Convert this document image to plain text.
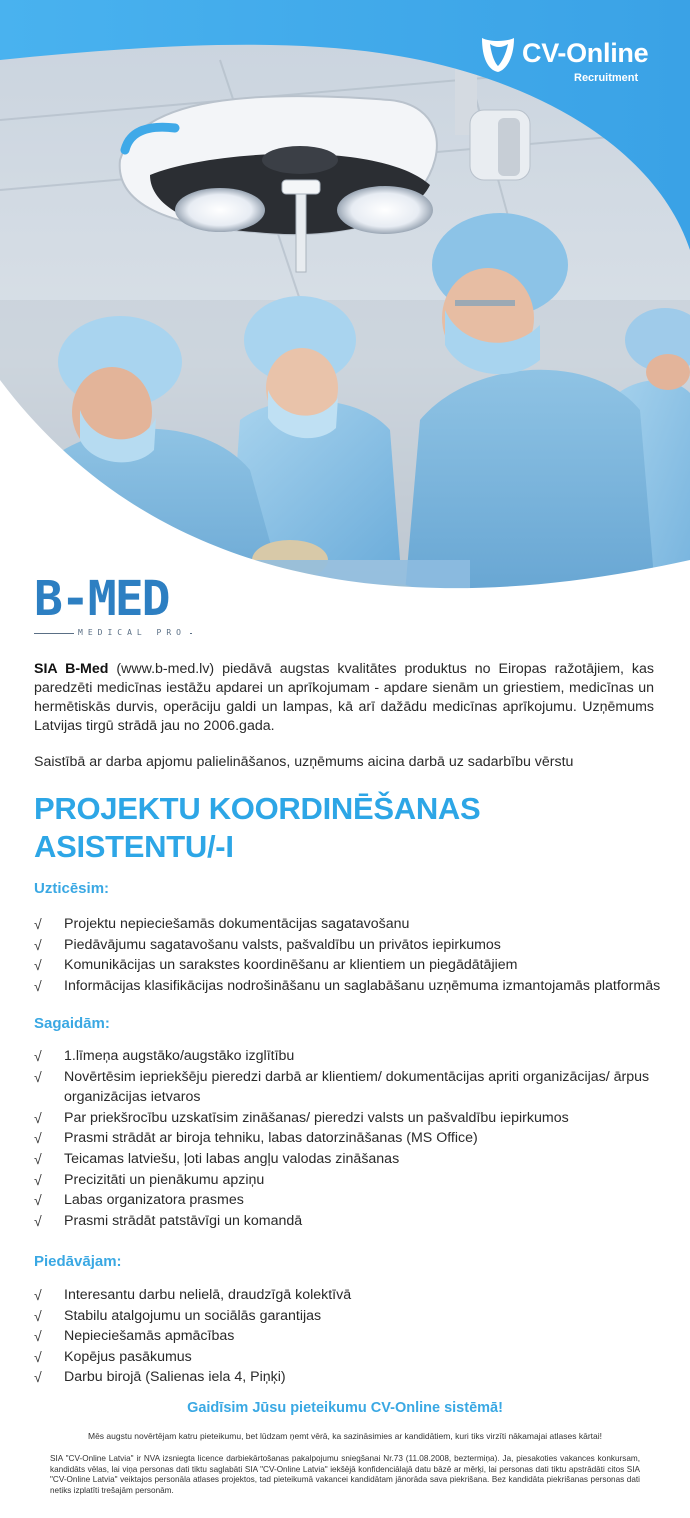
CV-Online
Recruitment
B-MED
MEDICAL PRO

SIA B-Med (www.b-med.lv) piedāvā augstas kvalitātes produktus no Eiropas ražotājiem, kas paredzēti medicīnas iestāžu apdarei un aprīkojumam - apdare sienām un griestiem, medicīnas un hermētiskās durvis, operāciju galdi un lampas, kā arī dažādu medicīnas aprīkojumu. Uzņēmums Latvijas tirgū strādā jau no 2006.gada.

Saistībā ar darba apjomu palielināšanos, uzņēmums aicina darbā uz sadarbību vērstu

PROJEKTU KOORDINĒŠANAS
ASISTENTU/-I
Uzticēsim:
√	Projektu nepieciešamās dokumentācijas sagatavošanu
√	Piedāvājumu sagatavošanu valsts, pašvaldību un privātos iepirkumos
√	Komunikācijas un sarakstes koordinēšanu ar klientiem un piegādātājiem
√	Informācijas klasifikācijas nodrošināšanu un saglabāšanu uzņēmuma izmantojamās platformās
Sagaidām:
√	1.līmeņa augstāko/augstāko izglītību
√	Novērtēsim iepriekšēju pieredzi darbā ar klientiem/ dokumentācijas apriti organizācijas/ ārpus organizācijas ietvaros
√	Par priekšrocību uzskatīsim zināšanas/ pieredzi valsts un pašvaldību iepirkumos
√	Prasmi strādāt ar biroja tehniku, labas datorzināšanas (MS Office)
√	Teicamas latviešu, ļoti labas angļu valodas zināšanas
√	Precizitāti un pienākumu apziņu
√	Labas organizatora prasmes
√	Prasmi strādāt patstāvīgi un komandā
Piedāvājam:
√	Interesantu darbu nelielā, draudzīgā kolektīvā
√	Stabilu atalgojumu un sociālās garantijas
√	Nepieciešamās apmācības
√	Kopējus pasākumus
√	Darbu birojā (Salienas iela 4, Piņķi)

Gaidīsim Jūsu pieteikumu CV-Online sistēmā!

Mēs augstu novērtējam katru pieteikumu, bet lūdzam ņemt vērā, ka sazināsimies ar kandidātiem, kuri tiks virzīti nākamajai atlases kārtai!

SIA "CV-Online Latvia" ir NVA izsniegta licence darbiekārtošanas pakalpojumu sniegšanai Nr.73 (11.08.2008, beztermiņa). Ja, piesakoties vakances konkursam, kandidāts vēlas, lai viņa personas dati tiktu saglabāti SIA "CV-Online Latvia" iekšējā konfidenciālajā datu bāzē ar mērķi, lai personas dati tiktu apstrādāti citos SIA "CV-Online Latvia" veiktajos personāla atlases projektos, tad pieteikumā vakancei kandidātam jānorāda sava piekrišana. Bez kandidāta piekrišanas personas dati netiks izplatīti trešajām personām.
